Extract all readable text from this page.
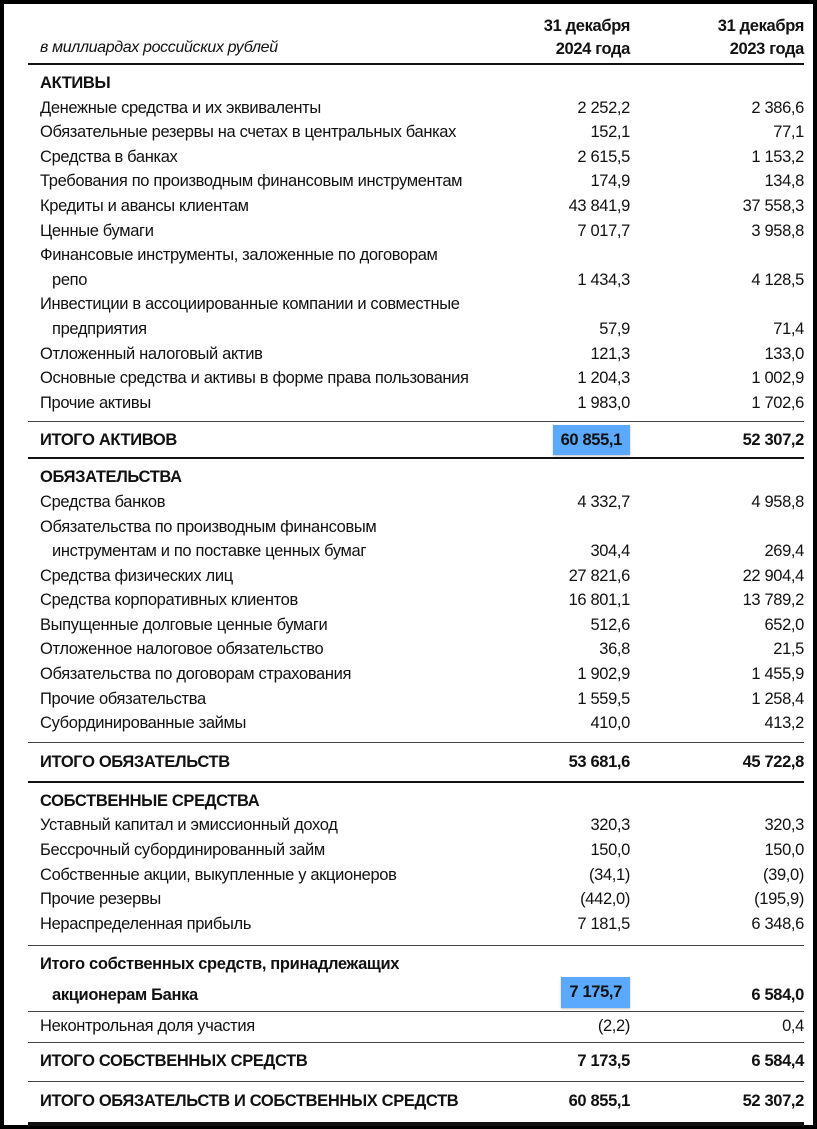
в миллиардах российских рублей
31 декабря
2024 года
31 декабря
2023 года
АКТИВЫ
Денежные средства и их эквиваленты	2 252,2	2 386,6
Обязательные резервы на счетах в центральных банках	152,1	77,1
Средства в банках	2 615,5	1 153,2
Требования по производным финансовым инструментам	174,9	134,8
Кредиты и авансы клиентам	43 841,9	37 558,3
Ценные бумаги	7 017,7	3 958,8
Финансовые инструменты, заложенные по договорам
репо	1 434,3	4 128,5
Инвестиции в ассоциированные компании и совместные
предприятия	57,9	71,4
Отложенный налоговый актив	121,3	133,0
Основные средства и активы в форме права пользования	1 204,3	1 002,9
Прочие активы	1 983,0	1 702,6
ИТОГО АКТИВОВ	60 855,1	52 307,2
ОБЯЗАТЕЛЬСТВА
Средства банков	4 332,7	4 958,8
Обязательства по производным финансовым
инструментам и по поставке ценных бумаг	304,4	269,4
Средства физических лиц	27 821,6	22 904,4
Средства корпоративных клиентов	16 801,1	13 789,2
Выпущенные долговые ценные бумаги	512,6	652,0
Отложенное налоговое обязательство	36,8	21,5
Обязательства по договорам страхования	1 902,9	1 455,9
Прочие обязательства	1 559,5	1 258,4
Субординированные займы	410,0	413,2
ИТОГО ОБЯЗАТЕЛЬСТВ	53 681,6	45 722,8
СОБСТВЕННЫЕ СРЕДСТВА
Уставный капитал и эмиссионный доход	320,3	320,3
Бессрочный субординированный займ	150,0	150,0
Собственные акции, выкупленные у акционеров	(34,1)	(39,0)
Прочие резервы	(442,0)	(195,9)
Нераспределенная прибыль	7 181,5	6 348,6
Итого собственных средств, принадлежащих
акционерам Банка	7 175,7	6 584,0
Неконтрольная доля участия	(2,2)	0,4
ИТОГО СОБСТВЕННЫХ СРЕДСТВ	7 173,5	6 584,4
ИТОГО ОБЯЗАТЕЛЬСТВ И СОБСТВЕННЫХ СРЕДСТВ	60 855,1	52 307,2
